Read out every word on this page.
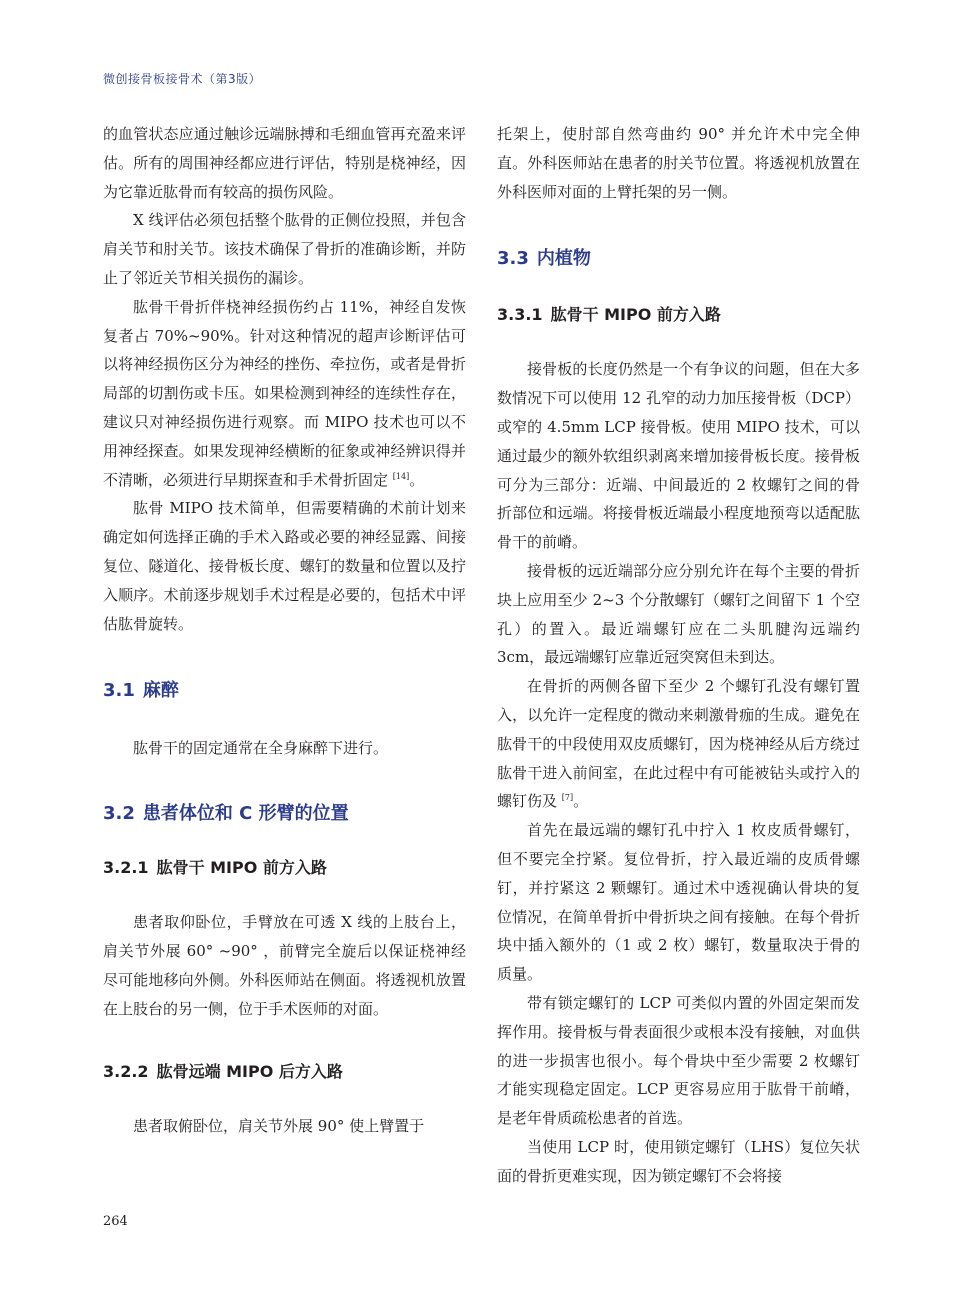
微创接骨板接骨术（第3版）

的血管状态应通过触诊远端脉搏和毛细血管再充盈来评估。所有的周围神经都应进行评估，特别是桡神经，因为它靠近肱骨而有较高的损伤风险。

X 线评估必须包括整个肱骨的正侧位投照，并包含肩关节和肘关节。该技术确保了骨折的准确诊断，并防止了邻近关节相关损伤的漏诊。

肱骨干骨折伴桡神经损伤约占 11%，神经自发恢复者占 70%~90%。针对这种情况的超声诊断评估可以将神经损伤区分为神经的挫伤、牵拉伤，或者是骨折局部的切割伤或卡压。如果检测到神经的连续性存在，建议只对神经损伤进行观察。而 MIPO 技术也可以不用神经探查。如果发现神经横断的征象或神经辨识得并不清晰，必须进行早期探查和手术骨折固定 [14]。

肱骨 MIPO 技术简单，但需要精确的术前计划来确定如何选择正确的手术入路或必要的神经显露、间接复位、隧道化、接骨板长度、螺钉的数量和位置以及拧入顺序。术前逐步规划手术过程是必要的，包括术中评估肱骨旋转。

3.1 麻醉

肱骨干的固定通常在全身麻醉下进行。

3.2 患者体位和 C 形臂的位置
3.2.1 肱骨干 MIPO 前方入路

患者取仰卧位，手臂放在可透 X 线的上肢台上，肩关节外展 60° ~90° ，前臂完全旋后以保证桡神经尽可能地移向外侧。外科医师站在侧面。将透视机放置在上肢台的另一侧，位于手术医师的对面。

3.2.2 肱骨远端 MIPO 后方入路

患者取俯卧位，肩关节外展 90° 使上臂置于

托架上，使肘部自然弯曲约 90° 并允许术中完全伸直。外科医师站在患者的肘关节位置。将透视机放置在外科医师对面的上臂托架的另一侧。

3.3 内植物
3.3.1 肱骨干 MIPO 前方入路

接骨板的长度仍然是一个有争议的问题，但在大多数情况下可以使用 12 孔窄的动力加压接骨板（DCP）或窄的 4.5mm LCP 接骨板。使用 MIPO 技术，可以通过最少的额外软组织剥离来增加接骨板长度。接骨板可分为三部分：近端、中间最近的 2 枚螺钉之间的骨折部位和远端。将接骨板近端最小程度地预弯以适配肱骨干的前嵴。

接骨板的远近端部分应分别允许在每个主要的骨折块上应用至少 2~3 个分散螺钉（螺钉之间留下 1 个空孔）的置入。最近端螺钉应在二头肌腱沟远端约 3cm，最远端螺钉应靠近冠突窝但未到达。

在骨折的两侧各留下至少 2 个螺钉孔没有螺钉置入，以允许一定程度的微动来刺激骨痂的生成。避免在肱骨干的中段使用双皮质螺钉，因为桡神经从后方绕过肱骨干进入前间室，在此过程中有可能被钻头或拧入的螺钉伤及 [7]。

首先在最远端的螺钉孔中拧入 1 枚皮质骨螺钉，但不要完全拧紧。复位骨折，拧入最近端的皮质骨螺钉，并拧紧这 2 颗螺钉。通过术中透视确认骨块的复位情况，在简单骨折中骨折块之间有接触。在每个骨折块中插入额外的（1 或 2 枚）螺钉，数量取决于骨的质量。

带有锁定螺钉的 LCP 可类似内置的外固定架而发挥作用。接骨板与骨表面很少或根本没有接触，对血供的进一步损害也很小。每个骨块中至少需要 2 枚螺钉才能实现稳定固定。LCP 更容易应用于肱骨干前嵴，是老年骨质疏松患者的首选。

当使用 LCP 时，使用锁定螺钉（LHS）复位矢状面的骨折更难实现，因为锁定螺钉不会将接

264
